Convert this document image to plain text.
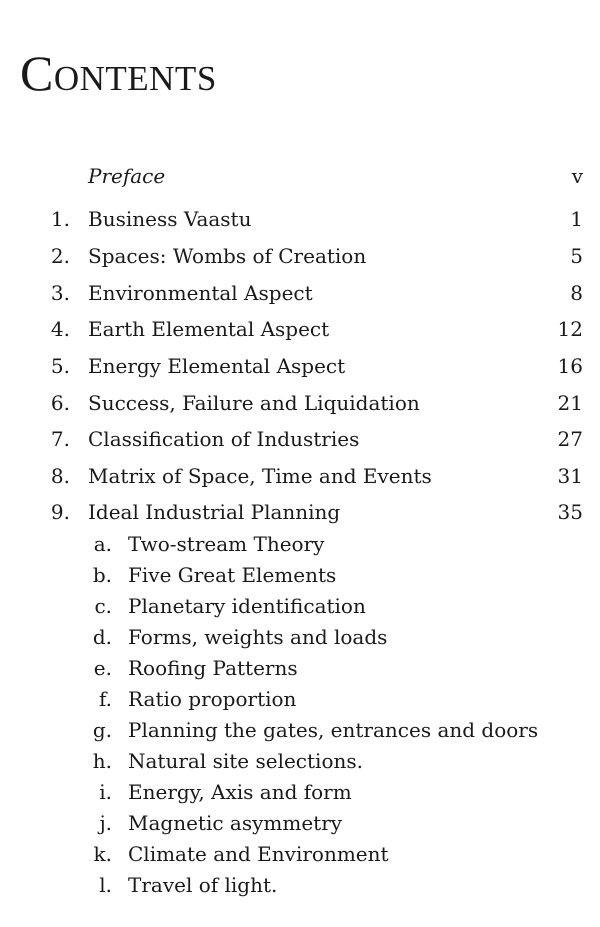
Contents
Preface	v
1. Business Vaastu	1
2. Spaces: Wombs of Creation	5
3. Environmental Aspect	8
4. Earth Elemental Aspect	12
5. Energy Elemental Aspect	16
6. Success, Failure and Liquidation	21
7. Classification of Industries	27
8. Matrix of Space, Time and Events	31
9. Ideal Industrial Planning	35
a. Two-stream Theory
b. Five Great Elements
c. Planetary identification
d. Forms, weights and loads
e. Roofing Patterns
f. Ratio proportion
g. Planning the gates, entrances and doors
h. Natural site selections.
i. Energy, Axis and form
j. Magnetic asymmetry
k. Climate and Environment
l. Travel of light.
